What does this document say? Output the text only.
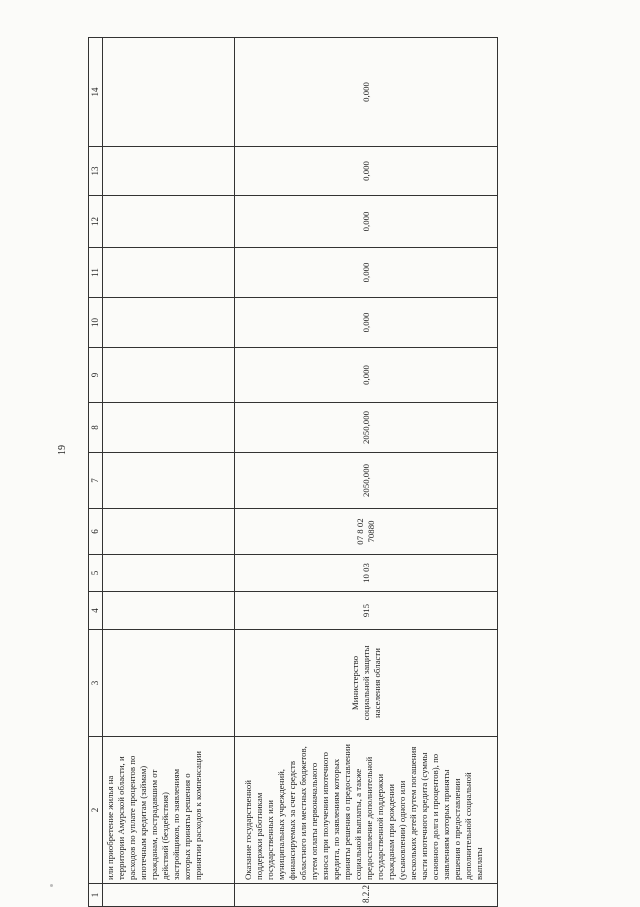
19
1	2	3	4	5	6	7	8	9	10	11	12	13	14

	или приобретение жилья на территории Амурской области, и расходов по уплате процентов по ипотечным кредитам (займам) гражданам, пострадавшим от действий (бездействия) застройщиков, по заявлениям которых приняты решения о принятии расходов к компенсации												

8.2.2	Оказание государственной поддержки работникам государственных или муниципальных учреждений, финансируемых за счет средств областного или местных бюджетов, путем оплаты первоначального взноса при получении ипотечного кредита, по заявлениям которых приняты решения о предоставлении социальной выплаты, а также предоставление дополнительной государственной поддержки гражданам при рождении (усыновлении) одного или нескольких детей путем погашения части ипотечного кредита (суммы основного долга и процентов), по заявлениям которых приняты решения о предоставлении дополнительной социальной выплаты	Министерство социальной защиты населения области	915	10 03	07 8 02 70880	2050,000	2050,000	0,000	0,000	0,000	0,000	0,000	0,000
